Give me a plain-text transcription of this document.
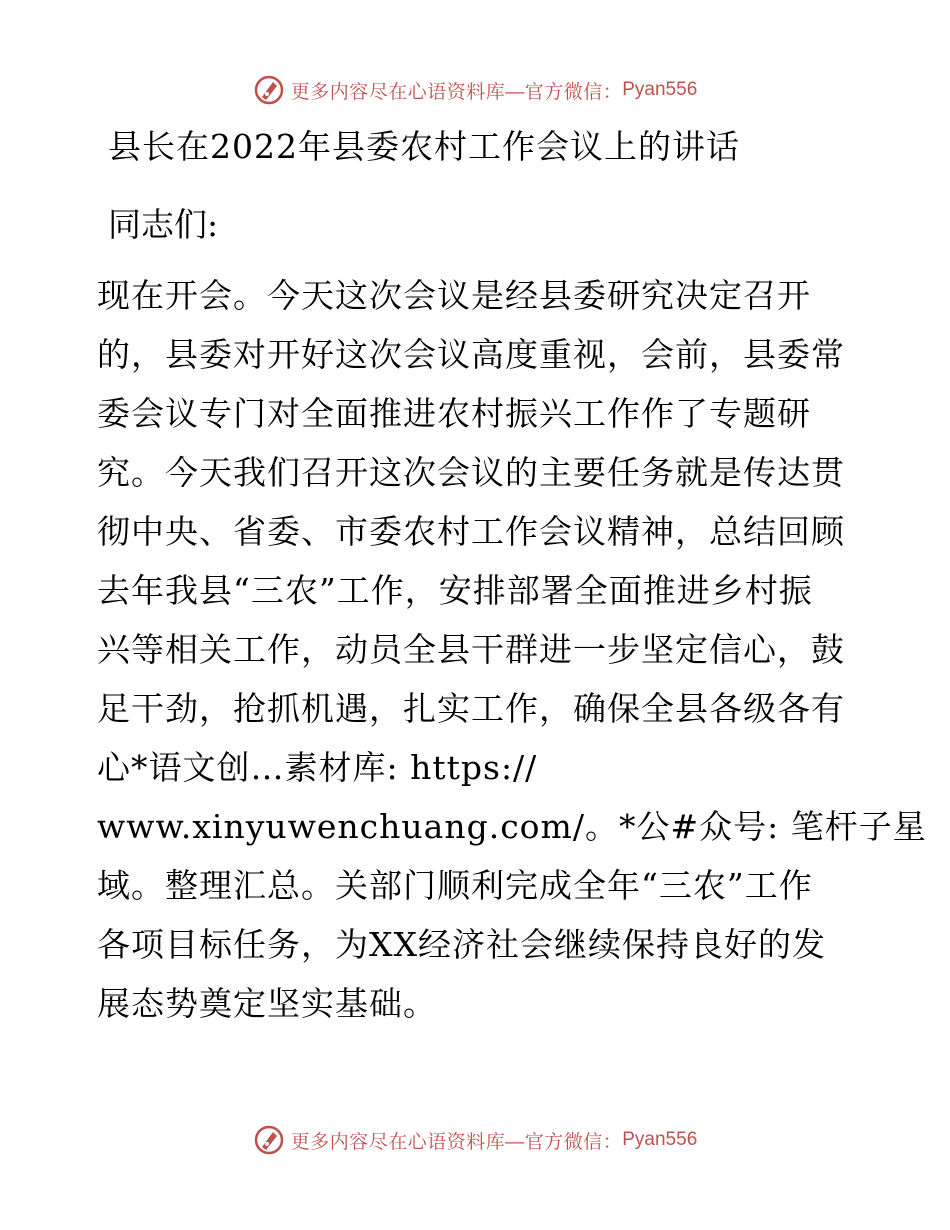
更多内容尽在心语资料库—官方微信： Pyan556
县长在2022年县委农村工作会议上的讲话
同志们:
现在开会。今天这次会议是经县委研究决定召开
的，县委对开好这次会议高度重视，会前，县委常
委会议专门对全面推进农村振兴工作作了专题研
究。今天我们召开这次会议的主要任务就是传达贯
彻中央、省委、市委农村工作会议精神，总结回顾
去年我县“三农”工作，安排部署全面推进乡村振
兴等相关工作，动员全县干群进一步坚定信心，鼓
足干劲，抢抓机遇，扎实工作，确保全县各级各有
心*语文创…素材库: https://
www.xinyuwenchuang.com/。*公#众号: 笔杆子星
域。整理汇总。关部门顺利完成全年“三农”工作
各项目标任务，为XX经济社会继续保持良好的发
展态势奠定坚实基础。
更多内容尽在心语资料库—官方微信： Pyan556
